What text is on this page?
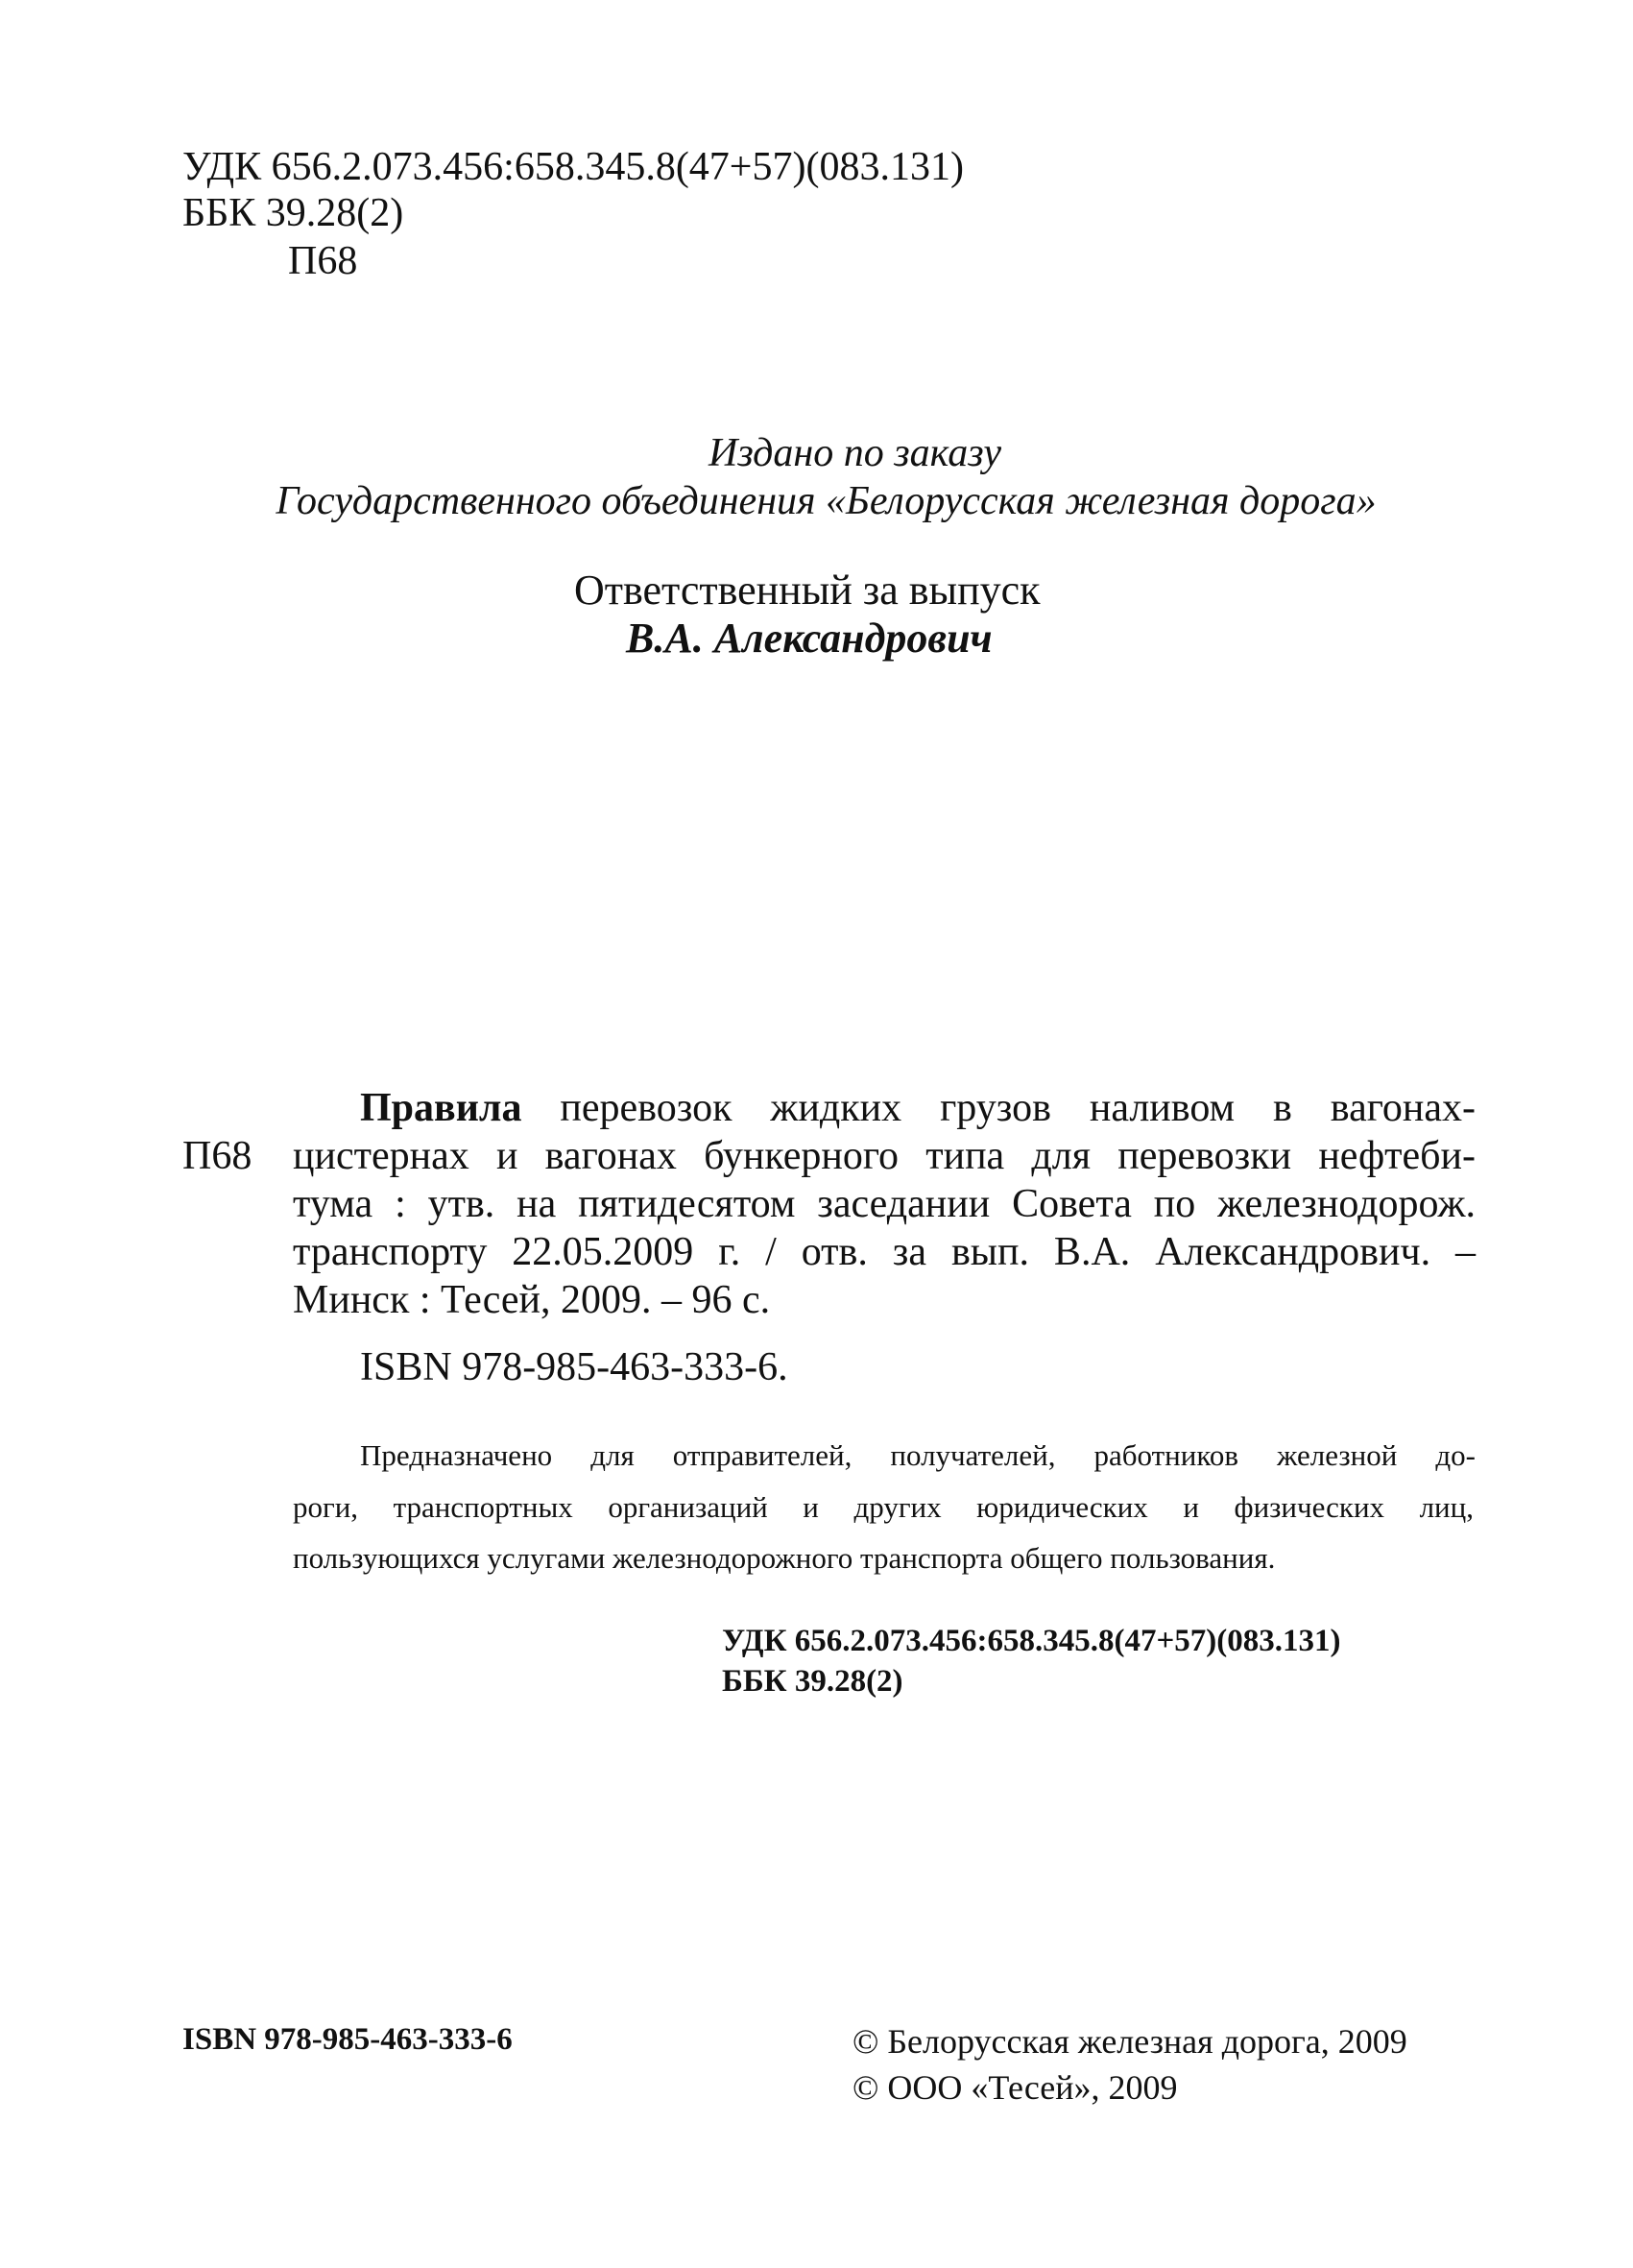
УДК 656.2.073.456:658.345.8(47+57)(083.131)
ББК 39.28(2)
П68
Издано по заказу
Государственного объединения «Белорусская железная дорога»
Ответственный за выпуск
В.А. Александрович
П68
Правила перевозок жидких грузов наливом в вагонах-
цистернах и вагонах бункерного типа для перевозки нефтеби-
тума : утв. на пятидесятом заседании Совета по железнодорож.
транспорту 22.05.2009 г. / отв. за вып. В.А. Александрович. –
Минск : Тесей, 2009. – 96 с.
ISBN 978-985-463-333-6.
Предназначено для отправителей, получателей, работников железной до-
роги, транспортных организаций и других юридических и физических лиц,
пользующихся услугами железнодорожного транспорта общего пользования.
УДК 656.2.073.456:658.345.8(47+57)(083.131)
ББК 39.28(2)
ISBN 978-985-463-333-6	© Белорусская железная дорога, 2009
© ООО «Тесей», 2009
